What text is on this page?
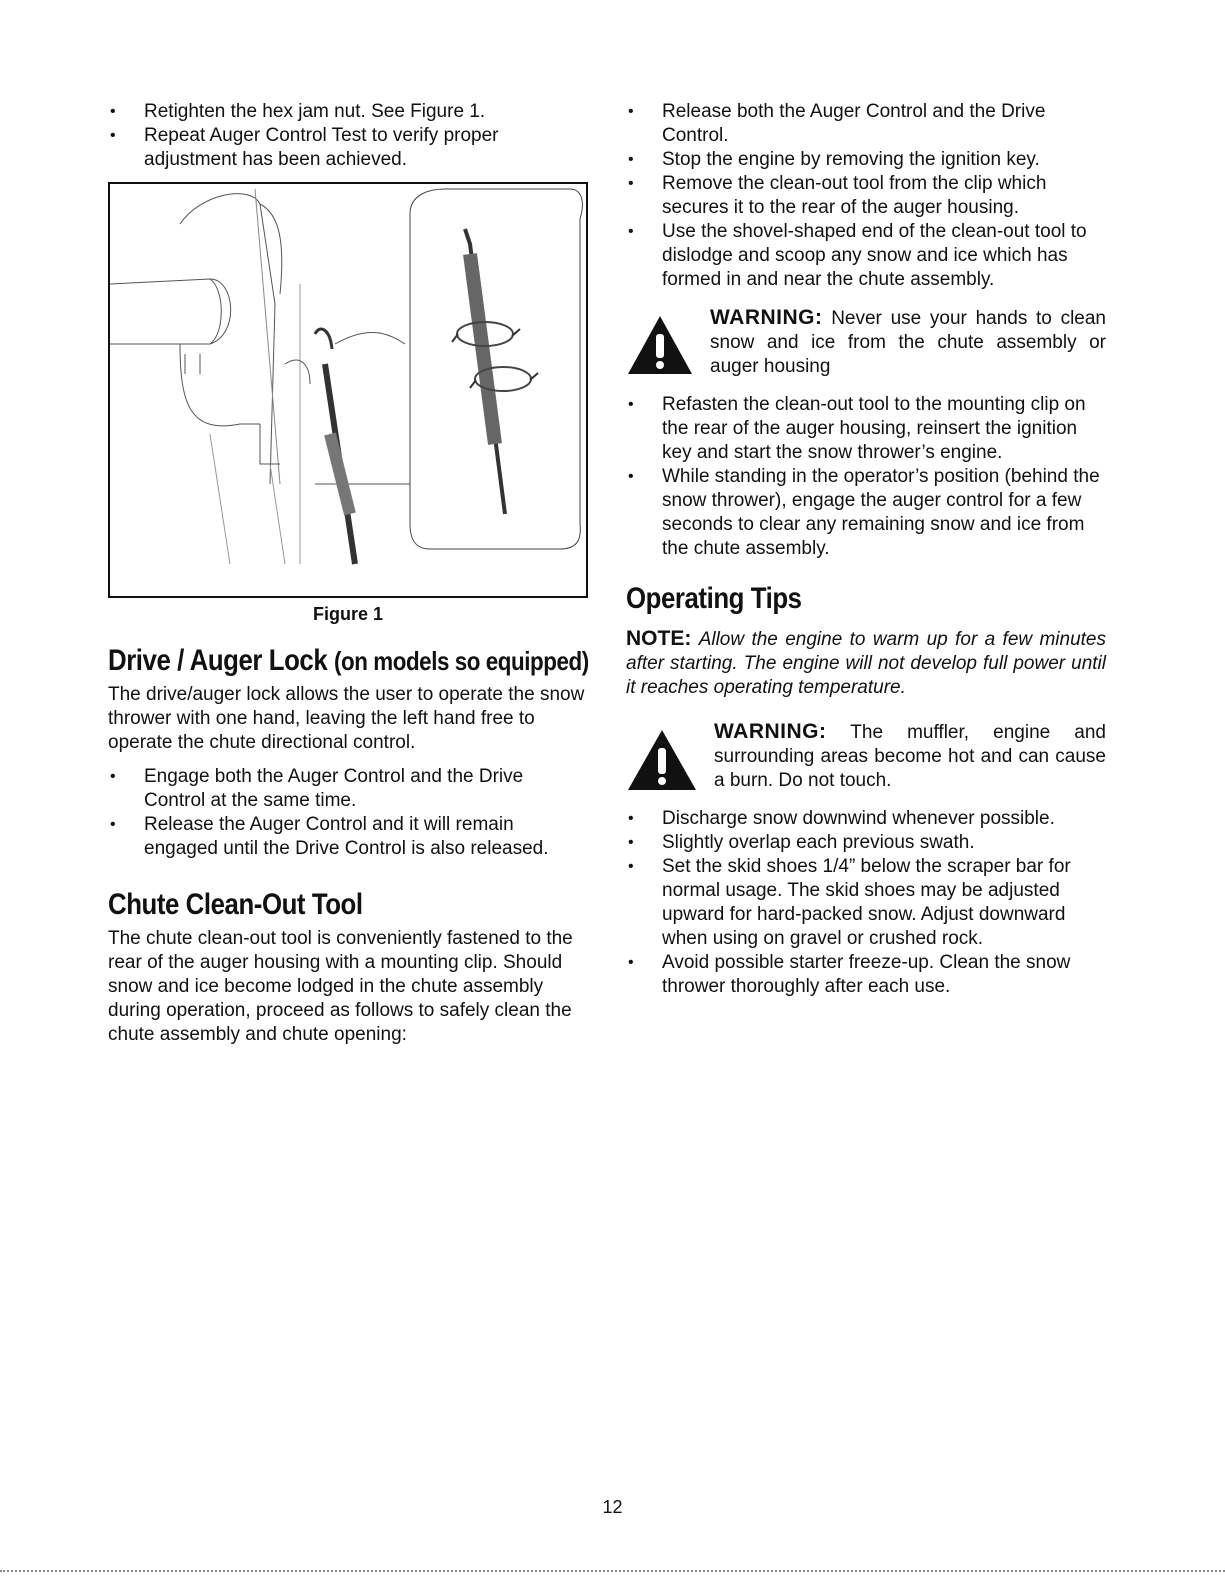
• Retighten the hex jam nut. See Figure 1.
• Repeat Auger Control Test to verify proper adjustment has been achieved.
Figure 1
Drive / Auger Lock (on models so equipped)

The drive/auger lock allows the user to operate the snow thrower with one hand, leaving the left hand free to operate the chute directional control.

• Engage both the Auger Control and the Drive Control at the same time.
• Release the Auger Control and it will remain engaged until the Drive Control is also released.
Chute Clean-Out Tool

The chute clean-out tool is conveniently fastened to the rear of the auger housing with a mounting clip. Should snow and ice become lodged in the chute assembly during operation, proceed as follows to safely clean the chute assembly and chute opening:

• Release both the Auger Control and the Drive Control.
• Stop the engine by removing the ignition key.
• Remove the clean-out tool from the clip which secures it to the rear of the auger housing.
• Use the shovel-shaped end of the clean-out tool to dislodge and scoop any snow and ice which has formed in and near the chute assembly.
WARNING: Never use your hands to clean snow and ice from the chute assembly or auger housing
• Refasten the clean-out tool to the mounting clip on the rear of the auger housing, reinsert the ignition key and start the snow thrower’s engine.
• While standing in the operator’s position (behind the snow thrower), engage the auger control for a few seconds to clear any remaining snow and ice from the chute assembly.
Operating Tips
NOTE: Allow the engine to warm up for a few minutes after starting. The engine will not develop full power until it reaches operating temperature.
WARNING: The muffler, engine and surrounding areas become hot and can cause a burn. Do not touch.
• Discharge snow downwind whenever possible.
• Slightly overlap each previous swath.
• Set the skid shoes 1/4” below the scraper bar for normal usage. The skid shoes may be adjusted upward for hard-packed snow. Adjust downward when using on gravel or crushed rock.
• Avoid possible starter freeze-up. Clean the snow thrower thoroughly after each use.
12
